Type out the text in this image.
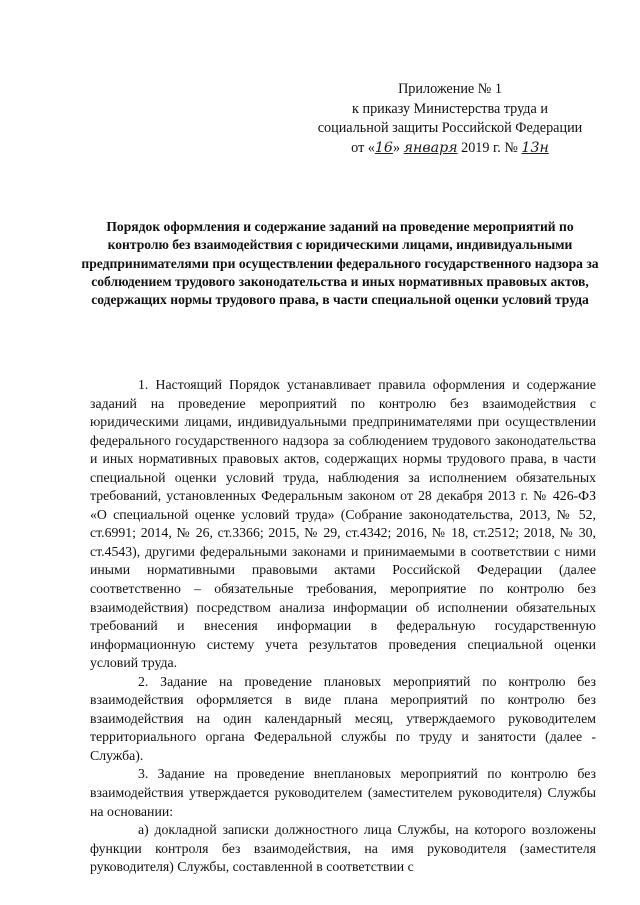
Приложение № 1
к приказу Министерства труда и
социальной защиты Российской Федерации
от «16» января 2019 г. № 13н
Порядок оформления и содержание заданий на проведение мероприятий по контролю без взаимодействия с юридическими лицами, индивидуальными предпринимателями при осуществлении федерального государственного надзора за соблюдением трудового законодательства и иных нормативных правовых актов, содержащих нормы трудового права, в части специальной оценки условий труда

1. Настоящий Порядок устанавливает правила оформления и содержание заданий на проведение мероприятий по контролю без взаимодействия с юридическими лицами, индивидуальными предпринимателями при осуществлении федерального государственного надзора за соблюдением трудового законодательства и иных нормативных правовых актов, содержащих нормы трудового права, в части специальной оценки условий труда, наблюдения за исполнением обязательных требований, установленных Федеральным законом от 28 декабря 2013 г. № 426-ФЗ «О специальной оценке условий труда» (Собрание законодательства, 2013, № 52, ст.6991; 2014, № 26, ст.3366; 2015, № 29, ст.4342; 2016, № 18, ст.2512; 2018, № 30, ст.4543), другими федеральными законами и принимаемыми в соответствии с ними иными нормативными правовыми актами Российской Федерации (далее соответственно – обязательные требования, мероприятие по контролю без взаимодействия) посредством анализа информации об исполнении обязательных требований и внесения информации в федеральную государственную информационную систему учета результатов проведения специальной оценки условий труда.

2. Задание на проведение плановых мероприятий по контролю без взаимодействия оформляется в виде плана мероприятий по контролю без взаимодействия на один календарный месяц, утверждаемого руководителем территориального органа Федеральной службы по труду и занятости (далее - Служба).

3. Задание на проведение внеплановых мероприятий по контролю без взаимодействия утверждается руководителем (заместителем руководителя) Службы на основании:

а) докладной записки должностного лица Службы, на которого возложены функции контроля без взаимодействия, на имя руководителя (заместителя руководителя) Службы, составленной в соответствии с
